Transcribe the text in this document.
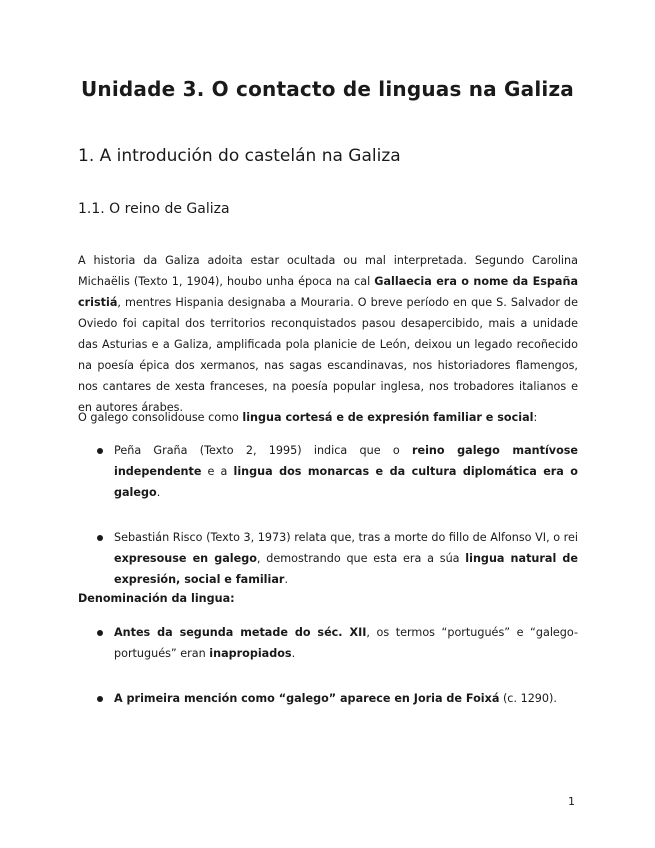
Unidade 3. O contacto de linguas na Galiza
1. A introdución do castelán na Galiza
1.1. O reino de Galiza

A historia da Galiza adoita estar ocultada ou mal interpretada. Segundo Carolina Michaëlis (Texto 1, 1904), houbo unha época na cal Gallaecia era o nome da España cristiá, mentres Hispania designaba a Mouraria. O breve período en que S. Salvador de Oviedo foi capital dos territorios reconquistados pasou desapercibido, mais a unidade das Asturias e a Galiza, amplificada pola planicie de León, deixou un legado recoñecido na poesía épica dos xermanos, nas sagas escandinavas, nos historiadores flamengos, nos cantares de xesta franceses, na poesía popular inglesa, nos trobadores italianos e en autores árabes.

O galego consolidouse como lingua cortesá e de expresión familiar e social:

Peña Graña (Texto 2, 1995) indica que o reino galego mantívose independente e a lingua dos monarcas e da cultura diplomática era o galego.
Sebastián Risco (Texto 3, 1973) relata que, tras a morte do fillo de Alfonso VI, o rei expresouse en galego, demostrando que esta era a súa lingua natural de expresión, social e familiar.

Denominación da lingua:

Antes da segunda metade do séc. XII, os termos “portugués” e “galego-portugués” eran inapropiados.
A primeira mención como “galego” aparece en Joria de Foixá (c. 1290).
1
